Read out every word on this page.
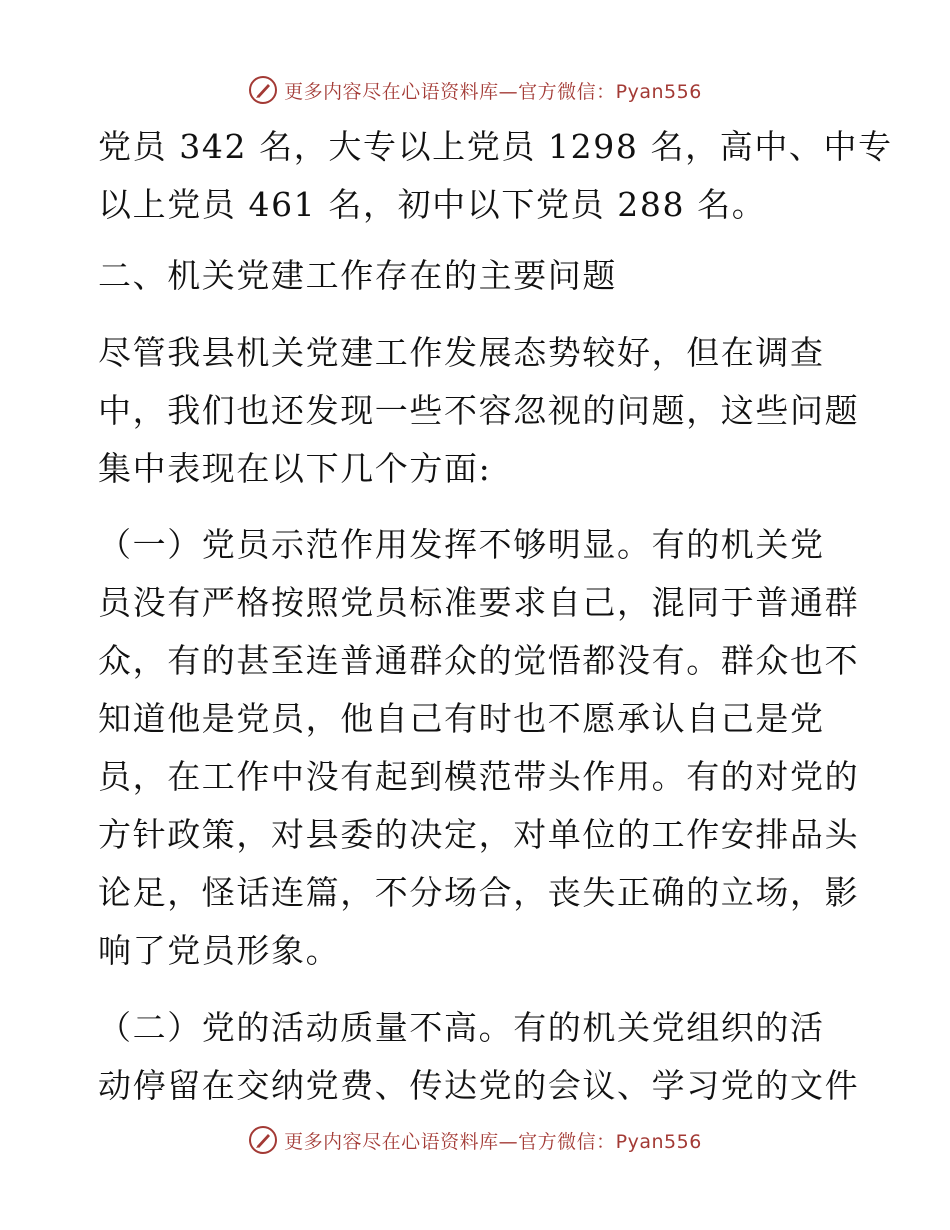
更多内容尽在心语资料库—官方微信：Pyan556
党员 342 名，大专以上党员 1298 名，高中、中专
以上党员 461 名，初中以下党员 288 名。
二、机关党建工作存在的主要问题
尽管我县机关党建工作发展态势较好，但在调查
中，我们也还发现一些不容忽视的问题，这些问题
集中表现在以下几个方面:
（一）党员示范作用发挥不够明显。有的机关党
员没有严格按照党员标准要求自己，混同于普通群
众，有的甚至连普通群众的觉悟都没有。群众也不
知道他是党员，他自己有时也不愿承认自己是党
员，在工作中没有起到模范带头作用。有的对党的
方针政策，对县委的决定，对单位的工作安排品头
论足，怪话连篇，不分场合，丧失正确的立场，影
响了党员形象。
（二）党的活动质量不高。有的机关党组织的活
动停留在交纳党费、传达党的会议、学习党的文件
更多内容尽在心语资料库—官方微信：Pyan556
